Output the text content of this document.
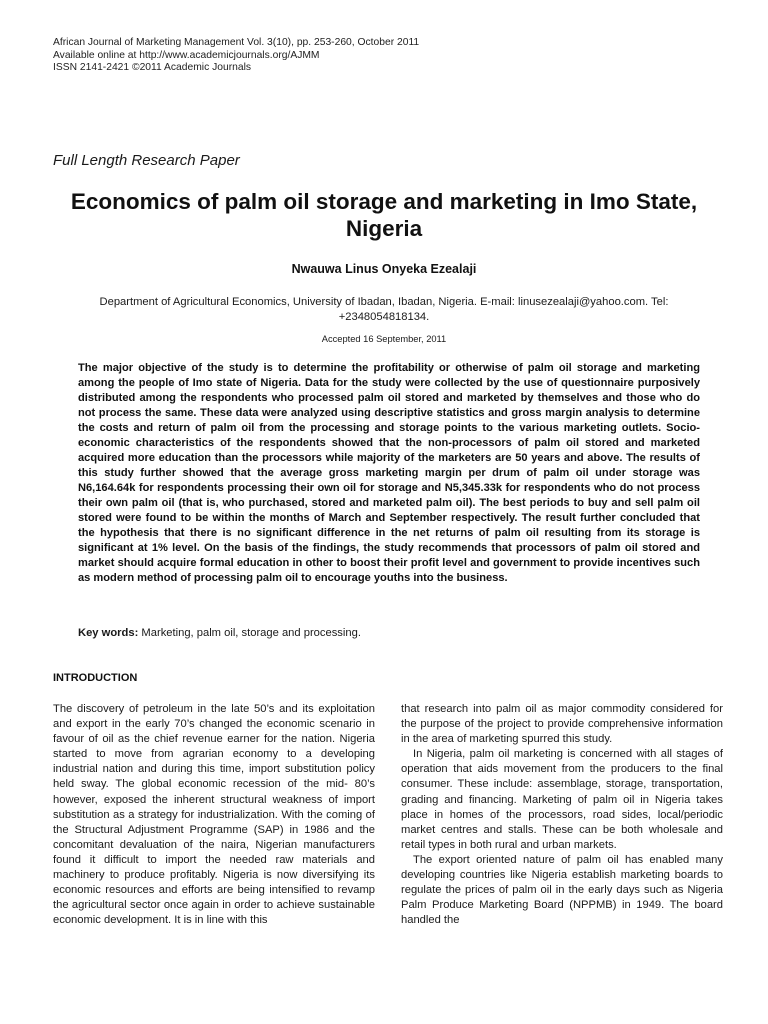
African Journal of Marketing Management Vol. 3(10), pp. 253-260, October 2011
Available online at http://www.academicjournals.org/AJMM
ISSN 2141-2421 ©2011 Academic Journals
Full Length Research Paper
Economics of palm oil storage and marketing in Imo State, Nigeria
Nwauwa Linus Onyeka Ezealaji
Department of Agricultural Economics, University of Ibadan, Ibadan, Nigeria. E-mail: linusezealaji@yahoo.com. Tel: +2348054818134.
Accepted 16 September, 2011
The major objective of the study is to determine the profitability or otherwise of palm oil storage and marketing among the people of Imo state of Nigeria. Data for the study were collected by the use of questionnaire purposively distributed among the respondents who processed palm oil stored and marketed by themselves and those who do not process the same. These data were analyzed using descriptive statistics and gross margin analysis to determine the costs and return of palm oil from the processing and storage points to the various marketing outlets. Socio-economic characteristics of the respondents showed that the non-processors of palm oil stored and marketed acquired more education than the processors while majority of the marketers are 50 years and above. The results of this study further showed that the average gross marketing margin per drum of palm oil under storage was N6,164.64k for respondents processing their own oil for storage and N5,345.33k for respondents who do not process their own palm oil (that is, who purchased, stored and marketed palm oil). The best periods to buy and sell palm oil stored were found to be within the months of March and September respectively. The result further concluded that the hypothesis that there is no significant difference in the net returns of palm oil resulting from its storage is significant at 1% level. On the basis of the findings, the study recommends that processors of palm oil stored and market should acquire formal education in other to boost their profit level and government to provide incentives such as modern method of processing palm oil to encourage youths into the business.
Key words: Marketing, palm oil, storage and processing.
INTRODUCTION

The discovery of petroleum in the late 50’s and its exploitation and export in the early 70’s changed the economic scenario in favour of oil as the chief revenue earner for the nation. Nigeria started to move from agrarian economy to a developing industrial nation and during this time, import substitution policy held sway. The global economic recession of the mid- 80’s however, exposed the inherent structural weakness of import substitution as a strategy for industrialization. With the coming of the Structural Adjustment Programme (SAP) in 1986 and the concomitant devaluation of the naira, Nigerian manufacturers found it difficult to import the needed raw materials and machinery to produce profitably. Nigeria is now diversifying its economic resources and efforts are being intensified to revamp the agricultural sector once again in order to achieve sustainable economic development. It is in line with this

that research into palm oil as major commodity considered for the purpose of the project to provide comprehensive information in the area of marketing spurred this study.

In Nigeria, palm oil marketing is concerned with all stages of operation that aids movement from the producers to the final consumer. These include: assemblage, storage, transportation, grading and financing. Marketing of palm oil in Nigeria takes place in homes of the processors, road sides, local/periodic market centres and stalls. These can be both wholesale and retail types in both rural and urban markets.

The export oriented nature of palm oil has enabled many developing countries like Nigeria establish marketing boards to regulate the prices of palm oil in the early days such as Nigeria Palm Produce Marketing Board (NPPMB) in 1949. The board handled the
